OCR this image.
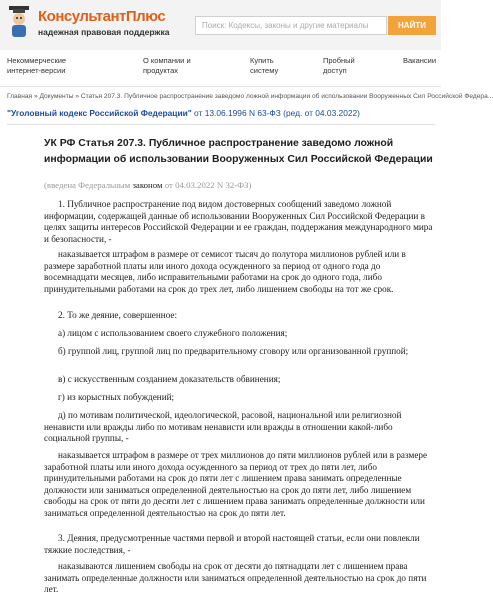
КонсультантПлюс
надежная правовая поддержка
Поиск: Кодексы, законы и другие материалы
НАЙТИ
Некоммерческие интернет-версии
О компании и продуктах
Купить систему
Пробный доступ
Вакансии
Главная » Документы » Статья 207.3. Публичное распространение заведомо ложной информации об использовании Вооруженных Сил Российской Федера...
"Уголовный кодекс Российской Федерации" от 13.06.1996 N 63-ФЗ (ред. от 04.03.2022)
УК РФ Статья 207.3. Публичное распространение заведомо ложной информации об использовании Вооруженных Сил Российской Федерации
(введена Федеральным законом от 04.03.2022 N 32-ФЗ)
1. Публичное распространение под видом достоверных сообщений заведомо ложной информации, содержащей данные об использовании Вооруженных Сил Российской Федерации в целях защиты интересов Российской Федерации и ее граждан, поддержания международного мира и безопасности, -
наказывается штрафом в размере от семисот тысяч до полутора миллионов рублей или в размере заработной платы или иного дохода осужденного за период от одного года до восемнадцати месяцев, либо исправительными работами на срок до одного года, либо принудительными работами на срок до трех лет, либо лишением свободы на тот же срок.
2. То же деяние, совершенное:
а) лицом с использованием своего служебного положения;
б) группой лиц, группой лиц по предварительному сговору или организованной группой;
в) с искусственным созданием доказательств обвинения;
г) из корыстных побуждений;
д) по мотивам политической, идеологической, расовой, национальной или религиозной ненависти или вражды либо по мотивам ненависти или вражды в отношении какой-либо социальной группы, -
наказывается штрафом в размере от трех миллионов до пяти миллионов рублей или в размере заработной платы или иного дохода осужденного за период от трех до пяти лет, либо принудительными работами на срок до пяти лет с лишением права занимать определенные должности или заниматься определенной деятельностью на срок до пяти лет, либо лишением свободы на срок от пяти до десяти лет с лишением права занимать определенные должности или заниматься определенной деятельностью на срок до пяти лет.
3. Деяния, предусмотренные частями первой и второй настоящей статьи, если они повлекли тяжкие последствия, -
наказываются лишением свободы на срок от десяти до пятнадцати лет с лишением права занимать определенные должности или заниматься определенной деятельностью на срок до пяти лет.
